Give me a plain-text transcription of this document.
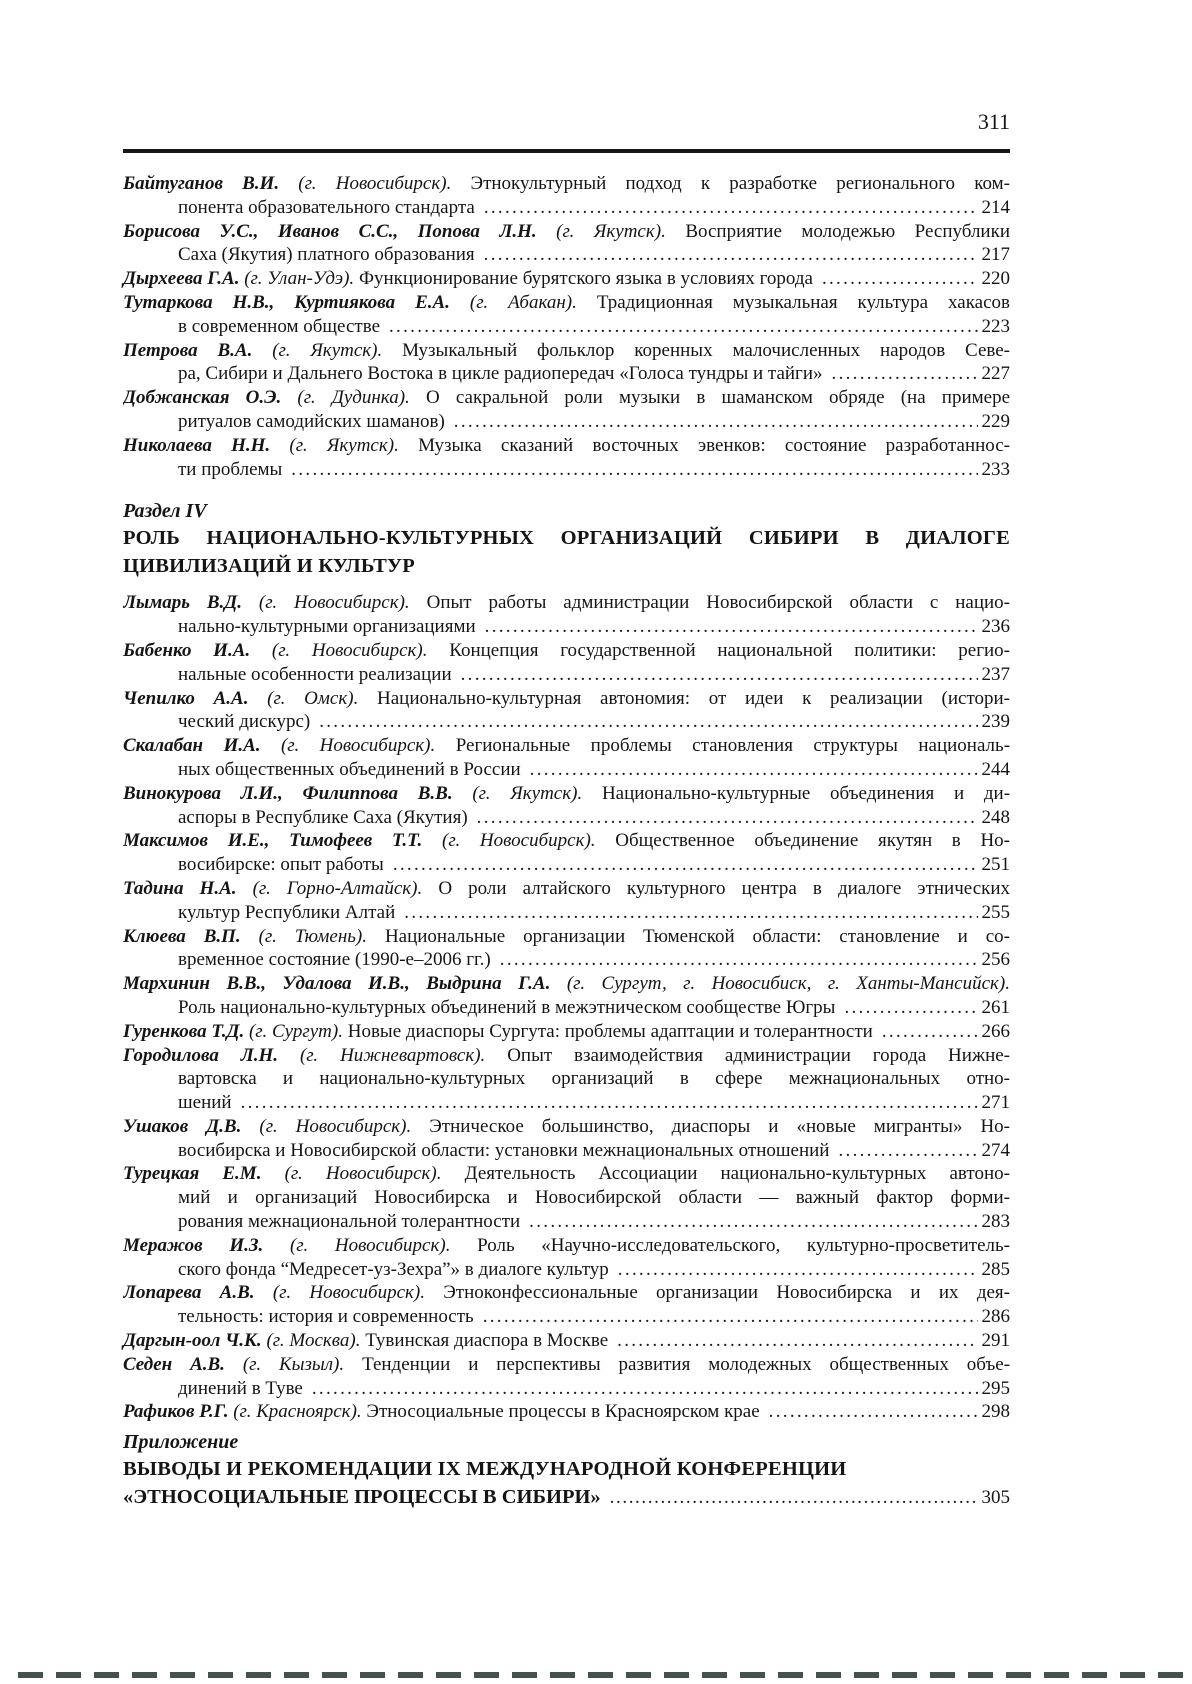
311
Байтуганов В.И. (г. Новосибирск). Этнокультурный подход к разработке регионального ком-
понента образовательного стандарта .....	214
Борисова У.С., Иванов С.С., Попова Л.Н. (г. Якутск). Восприятие молодежью Республики
Саха (Якутия) платного образования .....	217
Дырхеева Г.А. (г. Улан-Удэ). Функционирование бурятского языка в условиях города .....	220
Тутаркова Н.В., Куртиякова Е.А. (г. Абакан). Традиционная музыкальная культура хакасов
в современном обществе .....	223
Петрова В.А. (г. Якутск). Музыкальный фольклор коренных малочисленных народов Севе-
ра, Сибири и Дальнего Востока в цикле радиопередач «Голоса тундры и тайги» .....	227
Добжанская О.Э. (г. Дудинка). О сакральной роли музыки в шаманском обряде (на примере
ритуалов самодийских шаманов) .....	229
Николаева Н.Н. (г. Якутск). Музыка сказаний восточных эвенков: состояние разработаннос-
ти проблемы .....	233
Раздел IV
РОЛЬ НАЦИОНАЛЬНО-КУЛЬТУРНЫХ ОРГАНИЗАЦИЙ СИБИРИ В ДИАЛОГЕ
ЦИВИЛИЗАЦИЙ И КУЛЬТУР
Лымарь В.Д. (г. Новосибирск). Опыт работы администрации Новосибирской области с нацио-
нально-культурными организациями .....	236
Бабенко И.А. (г. Новосибирск). Концепция государственной национальной политики: регио-
нальные особенности реализации .....	237
Чепилко А.А. (г. Омск). Национально-культурная автономия: от идеи к реализации (истори-
ческий дискурс) .....	239
Скалабан И.А. (г. Новосибирск). Региональные проблемы становления структуры националь-
ных общественных объединений в России .....	244
Винокурова Л.И., Филиппова В.В. (г. Якутск). Национально-культурные объединения и ди-
аспоры в Республике Саха (Якутия) .....	248
Максимов И.Е., Тимофеев Т.Т. (г. Новосибирск). Общественное объединение якутян в Но-
восибирске: опыт работы .....	251
Тадина Н.А. (г. Горно-Алтайск). О роли алтайского культурного центра в диалоге этнических
культур Республики Алтай .....	255
Клюева В.П. (г. Тюмень). Национальные организации Тюменской области: становление и со-
временное состояние (1990-е–2006 гг.) .....	256
Мархинин В.В., Удалова И.В., Выдрина Г.А. (г. Сургут, г. Новосибиск, г. Ханты-Мансийск).
Роль национально-культурных объединений в межэтническом сообществе Югры .....	261
Гуренкова Т.Д. (г. Сургут). Новые диаспоры Сургута: проблемы адаптации и толерантности .....	266
Городилова Л.Н. (г. Нижневартовск). Опыт взаимодействия администрации города Нижне-
вартовска и национально-культурных организаций в сфере межнациональных отно-
шений .....	271
Ушаков Д.В. (г. Новосибирск). Этническое большинство, диаспоры и «новые мигранты» Но-
восибирска и Новосибирской области: установки межнациональных отношений .....	274
Турецкая Е.М. (г. Новосибирск). Деятельность Ассоциации национально-культурных автоно-
мий и организаций Новосибирска и Новосибирской области — важный фактор форми-
рования межнациональной толерантности .....	283
Меражов И.З. (г. Новосибирск). Роль «Научно-исследовательского, культурно-просветитель-
ского фонда “Медресет-уз-Зехра”» в диалоге культур .....	285
Лопарева А.В. (г. Новосибирск). Этноконфессиональные организации Новосибирска и их дея-
тельность: история и современность .....	286
Даргын-оол Ч.К. (г. Москва). Тувинская диаспора в Москве .....	291
Седен А.В. (г. Кызыл). Тенденции и перспективы развития молодежных общественных объе-
динений в Туве .....	295
Рафиков Р.Г. (г. Красноярск). Этносоциальные процессы в Красноярском крае .....	298
Приложение
ВЫВОДЫ И РЕКОМЕНДАЦИИ IX МЕЖДУНАРОДНОЙ КОНФЕРЕНЦИИ
«ЭТНОСОЦИАЛЬНЫЕ ПРОЦЕССЫ В СИБИРИ» .....	305
